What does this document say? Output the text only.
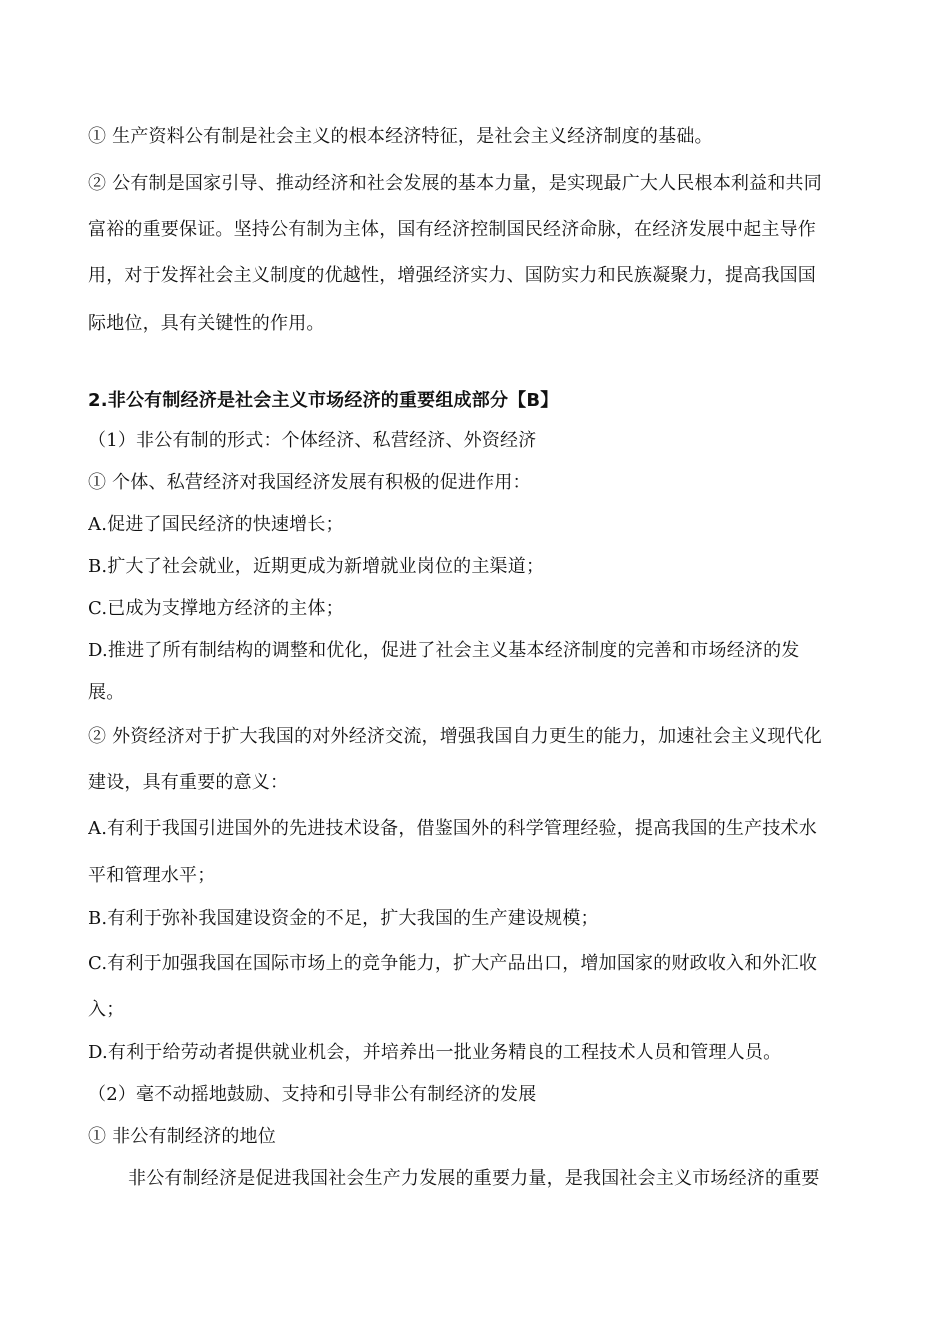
① 生产资料公有制是社会主义的根本经济特征，是社会主义经济制度的基础。
② 公有制是国家引导、推动经济和社会发展的基本力量，是实现最广大人民根本利益和共同
富裕的重要保证。坚持公有制为主体，国有经济控制国民经济命脉，在经济发展中起主导作
用，对于发挥社会主义制度的优越性，增强经济实力、国防实力和民族凝聚力，提高我国国
际地位，具有关键性的作用。
2.非公有制经济是社会主义市场经济的重要组成部分【B】
（1）非公有制的形式：个体经济、私营经济、外资经济
① 个体、私营经济对我国经济发展有积极的促进作用：
A.促进了国民经济的快速增长；
B.扩大了社会就业，近期更成为新增就业岗位的主渠道；
C.已成为支撑地方经济的主体；
D.推进了所有制结构的调整和优化，促进了社会主义基本经济制度的完善和市场经济的发
展。
② 外资经济对于扩大我国的对外经济交流，增强我国自力更生的能力，加速社会主义现代化
建设，具有重要的意义：
A.有利于我国引进国外的先进技术设备，借鉴国外的科学管理经验，提高我国的生产技术水
平和管理水平；
B.有利于弥补我国建设资金的不足，扩大我国的生产建设规模；
C.有利于加强我国在国际市场上的竞争能力，扩大产品出口，增加国家的财政收入和外汇收
入；
D.有利于给劳动者提供就业机会，并培养出一批业务精良的工程技术人员和管理人员。
（2）毫不动摇地鼓励、支持和引导非公有制经济的发展
① 非公有制经济的地位
非公有制经济是促进我国社会生产力发展的重要力量，是我国社会主义市场经济的重要
